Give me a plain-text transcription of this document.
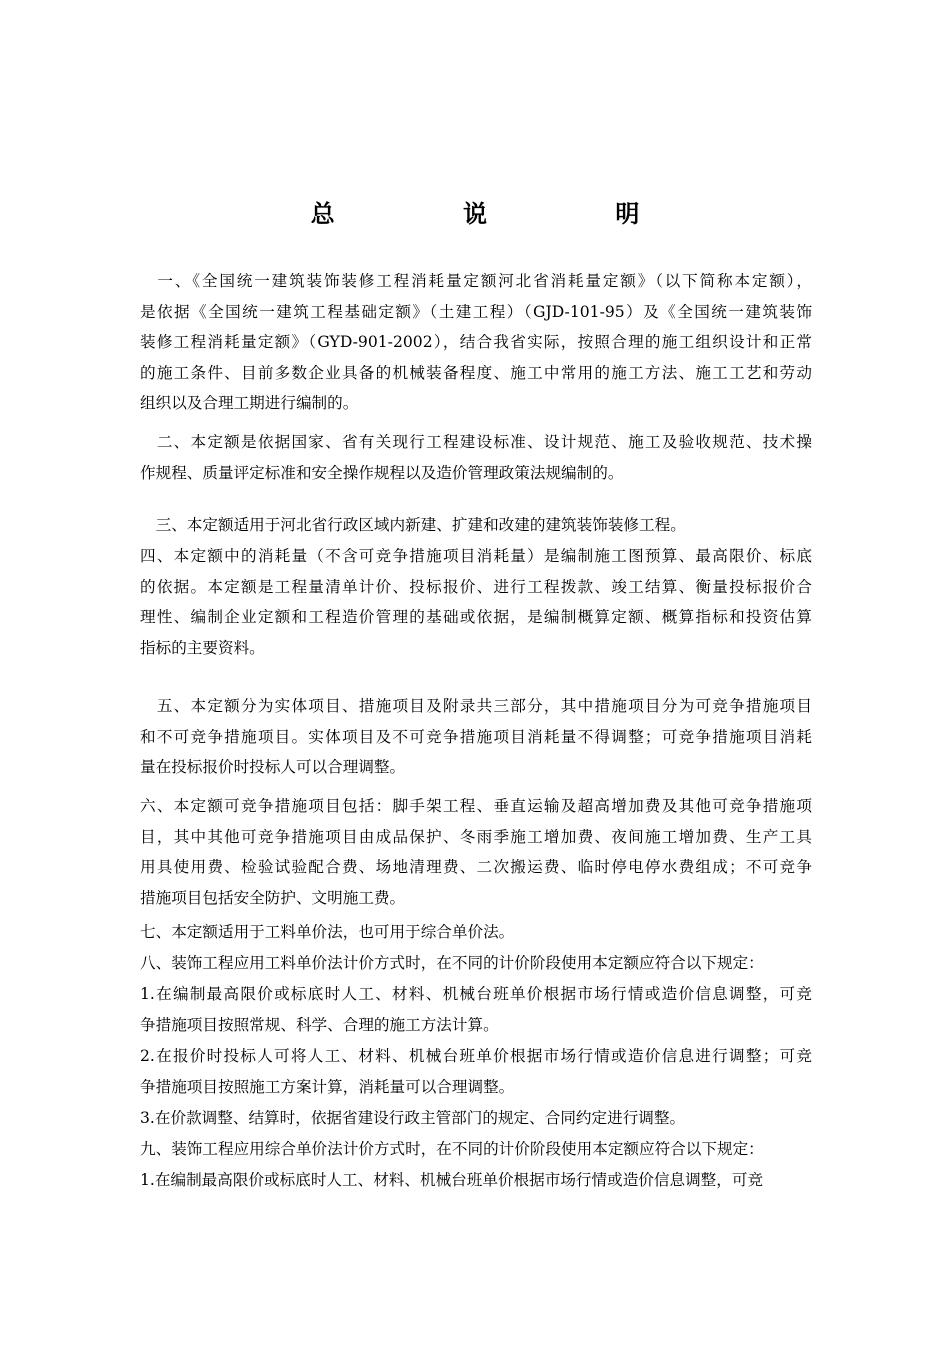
总 说 明
　一、《全国统一建筑装饰装修工程消耗量定额河北省消耗量定额》（以下简称本定额），
是依据《全国统一建筑工程基础定额》（土建工程）（GJD-101-95）及《全国统一建筑装饰
装修工程消耗量定额》（GYD-901-2002），结合我省实际，按照合理的施工组织设计和正常
的施工条件、目前多数企业具备的机械装备程度、施工中常用的施工方法、施工工艺和劳动
组织以及合理工期进行编制的。
　二、本定额是依据国家、省有关现行工程建设标准、设计规范、施工及验收规范、技术操
作规程、质量评定标准和安全操作规程以及造价管理政策法规编制的。
　三、本定额适用于河北省行政区域内新建、扩建和改建的建筑装饰装修工程。
四、本定额中的消耗量（不含可竞争措施项目消耗量）是编制施工图预算、最高限价、标底
的依据。本定额是工程量清单计价、投标报价、进行工程拨款、竣工结算、衡量投标报价合
理性、编制企业定额和工程造价管理的基础或依据，是编制概算定额、概算指标和投资估算
指标的主要资料。
　五、本定额分为实体项目、措施项目及附录共三部分，其中措施项目分为可竞争措施项目
和不可竞争措施项目。实体项目及不可竞争措施项目消耗量不得调整；可竞争措施项目消耗
量在投标报价时投标人可以合理调整。
六、本定额可竞争措施项目包括：脚手架工程、垂直运输及超高增加费及其他可竞争措施项
目，其中其他可竞争措施项目由成品保护、冬雨季施工增加费、夜间施工增加费、生产工具
用具使用费、检验试验配合费、场地清理费、二次搬运费、临时停电停水费组成；不可竞争
措施项目包括安全防护、文明施工费。
七、本定额适用于工料单价法，也可用于综合单价法。
八、装饰工程应用工料单价法计价方式时，在不同的计价阶段使用本定额应符合以下规定：
1.在编制最高限价或标底时人工、材料、机械台班单价根据市场行情或造价信息调整，可竞
争措施项目按照常规、科学、合理的施工方法计算。
2.在报价时投标人可将人工、材料、机械台班单价根据市场行情或造价信息进行调整；可竞
争措施项目按照施工方案计算，消耗量可以合理调整。
3.在价款调整、结算时，依据省建设行政主管部门的规定、合同约定进行调整。
九、装饰工程应用综合单价法计价方式时，在不同的计价阶段使用本定额应符合以下规定：
1.在编制最高限价或标底时人工、材料、机械台班单价根据市场行情或造价信息调整，可竞
